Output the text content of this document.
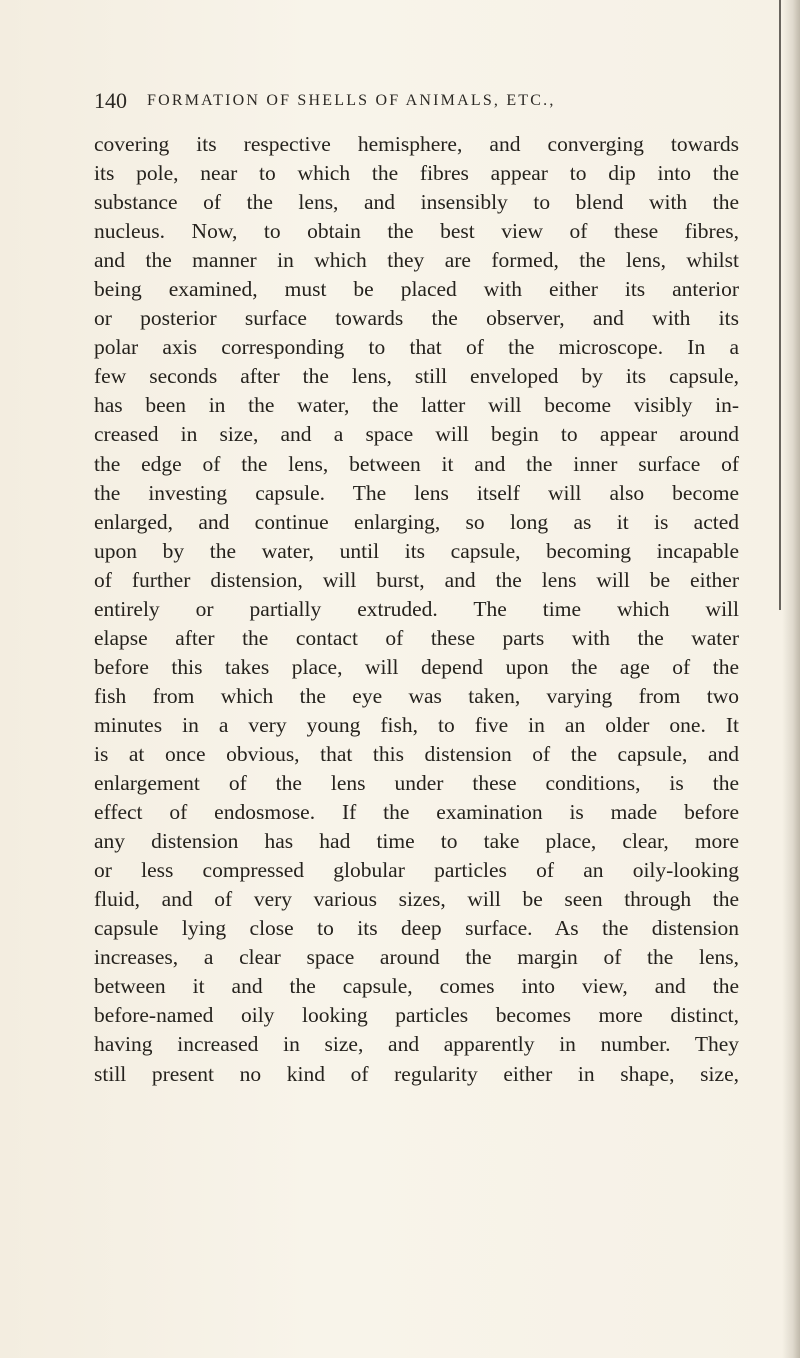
140 FORMATION OF SHELLS OF ANIMALS, ETC.,
covering its respective hemisphere, and converging towards
its pole, near to which the fibres appear to dip into the
substance of the lens, and insensibly to blend with the
nucleus. Now, to obtain the best view of these fibres,
and the manner in which they are formed, the lens, whilst
being examined, must be placed with either its anterior
or posterior surface towards the observer, and with its
polar axis corresponding to that of the microscope. In a
few seconds after the lens, still enveloped by its capsule,
has been in the water, the latter will become visibly in-
creased in size, and a space will begin to appear around
the edge of the lens, between it and the inner surface of
the investing capsule. The lens itself will also become
enlarged, and continue enlarging, so long as it is acted
upon by the water, until its capsule, becoming incapable
of further distension, will burst, and the lens will be either
entirely or partially extruded. The time which will
elapse after the contact of these parts with the water
before this takes place, will depend upon the age of the
fish from which the eye was taken, varying from two
minutes in a very young fish, to five in an older one. It
is at once obvious, that this distension of the capsule, and
enlargement of the lens under these conditions, is the
effect of endosmose. If the examination is made before
any distension has had time to take place, clear, more
or less compressed globular particles of an oily-looking
fluid, and of very various sizes, will be seen through the
capsule lying close to its deep surface. As the distension
increases, a clear space around the margin of the lens,
between it and the capsule, comes into view, and the
before-named oily looking particles becomes more distinct,
having increased in size, and apparently in number. They
still present no kind of regularity either in shape, size,
